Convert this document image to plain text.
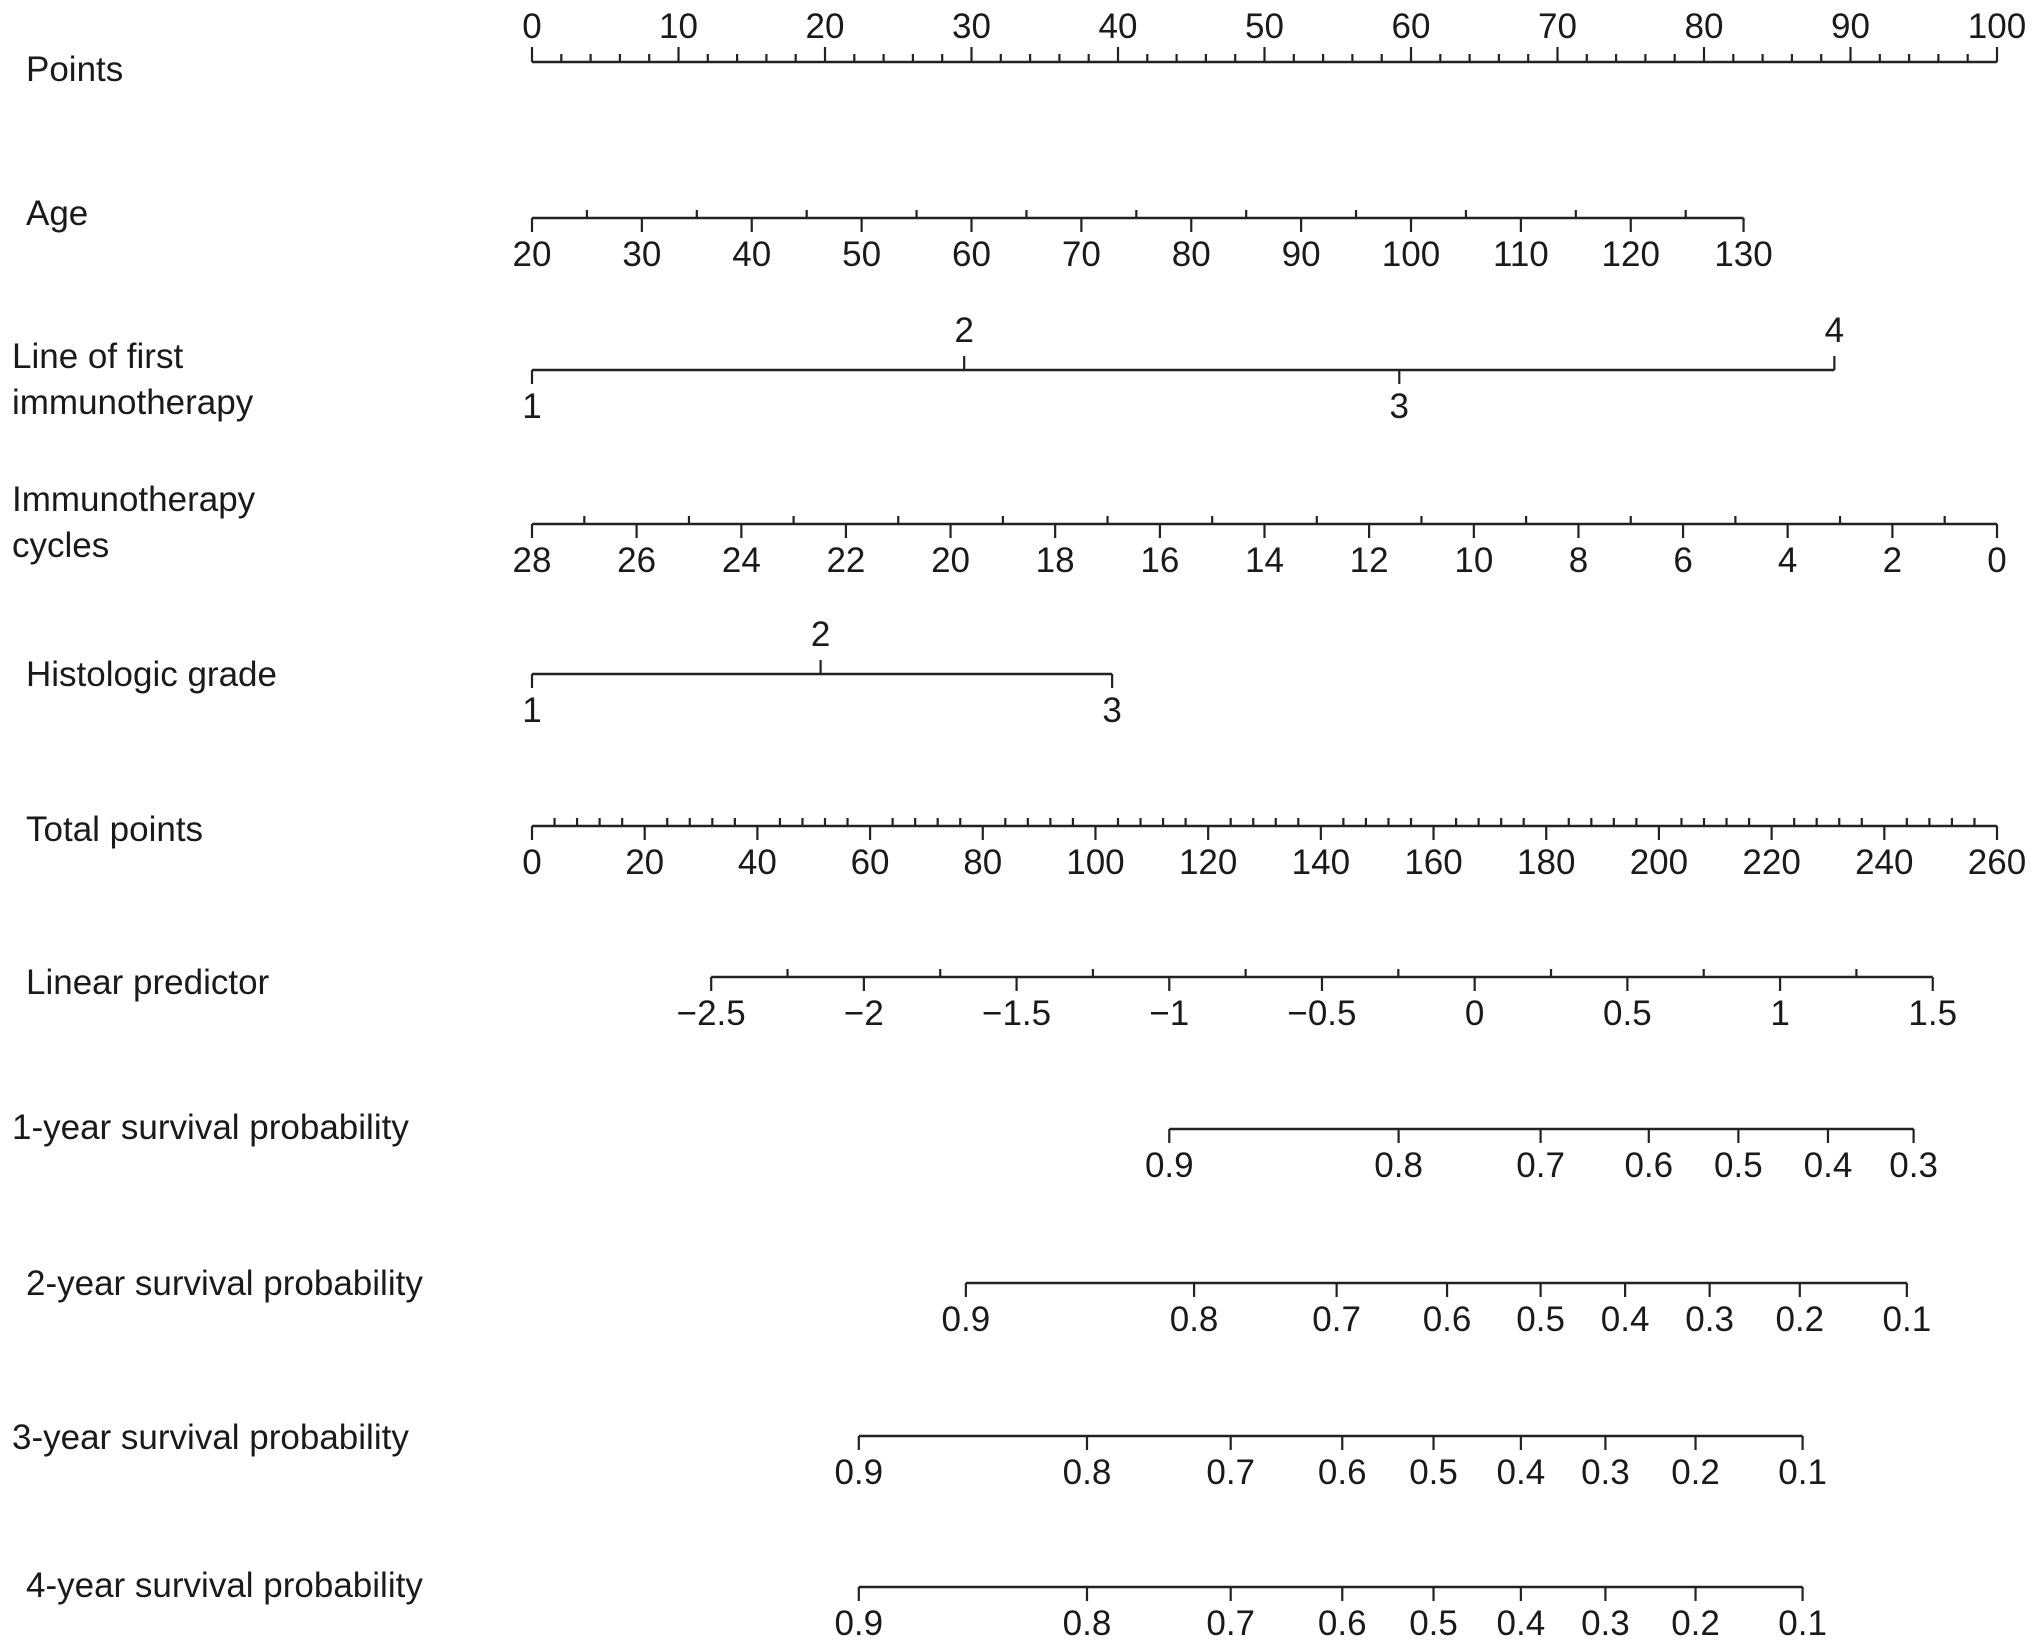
Points
0	10	20	30	40	50	60	70	80	90	100
Age
20 30 40 50 60 70 80 90 100 110 120 130
Line of first
immunotherapy	1
2
3
4
Immunotherapy
cycles	28 26 24 22 20 18 16 14 12 10 8 6 4 2 0
Histologic grade
1
2
3
Total points
0 20 40 60 80 100 120 140 160 180 200 220 240 260
Linear predictor
−2.5	−2	−1.5	−1	−0.5	0	0.5	1	1.5
1-year survival probability
0.9	0.8	0.7 0.6 0.5 0.4 0.3
2-year survival probability
0.9	0.8	0.7 0.6 0.5 0.4 0.3 0.2 0.1
3-year survival probability
0.9	0.8	0.7 0.6 0.5 0.4 0.3 0.2 0.1
4-year survival probability
0.9	0.8	0.7 0.6 0.5 0.4 0.3 0.2 0.1
